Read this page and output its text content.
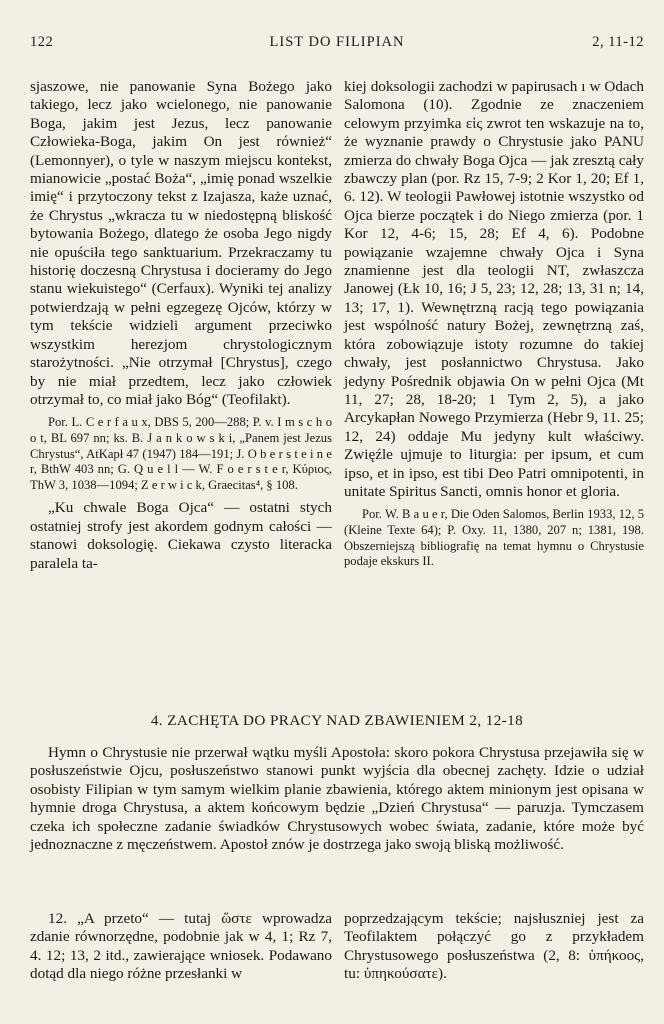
122	LIST DO FILIPIAN	2, 11-12

sjaszowe, nie panowanie Syna Bożego jako takiego, lecz jako wcielonego, nie panowanie Boga, jakim jest Jezus, lecz panowanie Człowieka-Boga, jakim On jest również“ (Lemonnyer), o tyle w naszym miejscu kontekst, mianowicie „postać Boża“, „imię ponad wszelkie imię“ i przytoczony tekst z Izajasza, każe uznać, że Chrystus „wkracza tu w niedostępną bliskość bytowania Bożego, dlatego że osoba Jego nigdy nie opuściła tego sanktuarium. Przekraczamy tu historię doczesną Chrystusa i docieramy do Jego stanu wiekuistego“ (Cerfaux). Wyniki tej analizy potwierdzają w pełni egzegezę Ojców, którzy w tym tekście widzieli argument przeciwko wszystkim herezjom chrystologicznym starożytności. „Nie otrzymał [Chrystus], czego by nie miał przedtem, lecz jako człowiek otrzymał to, co miał jako Bóg“ (Teofilakt).

Por. L. C e r f a u x, DBS 5, 200—288; P. v. I m s c h o o t, BL 697 nn; ks. B. J a n k o w s k i, „Panem jest Jezus Chrystus“, AtKapł 47 (1947) 184—191; J. O b e r s t e i n e r, BthW 403 nn; G. Q u e l l — W. F o e r s t e r, Κύριος, ThW 3, 1038—1094; Z e r w i c k, Graecitas⁴, § 108.

„Ku chwale Boga Ojca“ — ostatni stych ostatniej strofy jest akordem godnym całości — stanowi doksologię. Ciekawa czysto literacka paralela ta-

kiej doksologii zachodzi w papirusach ı w Odach Salomona (10). Zgodnie ze znaczeniem celowym przyimka εἰς zwrot ten wskazuje na to, że wyznanie prawdy o Chrystusie jako PANU zmierza do chwały Boga Ojca — jak zresztą cały zbawczy plan (por. Rz 15, 7-9; 2 Kor 1, 20; Ef 1, 6. 12). W teologii Pawłowej istotnie wszystko od Ojca bierze początek i do Niego zmierza (por. 1 Kor 12, 4-6; 15, 28; Ef 4, 6). Podobne powiązanie wzajemne chwały Ojca i Syna znamienne jest dla teologii NT, zwłaszcza Janowej (Łk 10, 16; J 5, 23; 12, 28; 13, 31 n; 14, 13; 17, 1). Wewnętrzną racją tego powiązania jest wspólność natury Bożej, zewnętrzną zaś, która zobowiązuje istoty rozumne do takiej chwały, jest posłannictwo Chrystusa. Jako jedyny Pośrednik objawia On w pełni Ojca (Mt 11, 27; 28, 18-20; 1 Tym 2, 5), a jako Arcykapłan Nowego Przymierza (Hebr 9, 11. 25; 12, 24) oddaje Mu jedyny kult właściwy. Zwięźle ujmuje to liturgia: per ipsum, et cum ipso, et in ipso, est tibi Deo Patri omnipotenti, in unitate Spiritus Sancti, omnis honor et gloria.

Por. W. B a u e r, Die Oden Salomos, Berlin 1933, 12, 5 (Kleine Texte 64); P. Oxy. 11, 1380, 207 n; 1381, 198. Obszerniejszą bibliografię na temat hymnu o Chrystusie podaje ekskurs II.

4. ZACHĘTA DO PRACY NAD ZBAWIENIEM 2, 12-18

Hymn o Chrystusie nie przerwał wątku myśli Apostoła: skoro pokora Chrystusa przejawiła się w posłuszeństwie Ojcu, posłuszeństwo stanowi punkt wyjścia dla obecnej zachęty. Idzie o udział osobisty Filipian w tym samym wielkim planie zbawienia, którego aktem minionym jest opisana w hymnie droga Chrystusa, a aktem końcowym będzie „Dzień Chrystusa“ — paruzja. Tymczasem czeka ich społeczne zadanie świadków Chrystusowych wobec świata, zadanie, które może być jednoznaczne z męczeństwem. Apostoł znów je dostrzega jako swoją bliską możliwość.

12. „A przeto“ — tutaj ὥστε wprowadza zdanie równorzędne, podobnie jak w 4, 1; Rz 7, 4. 12; 13, 2 itd., zawierające wniosek. Podawano dotąd dla niego różne przesłanki w

poprzedzającym tekście; najsłuszniej jest za Teofilaktem połączyć go z przykładem Chrystusowego posłuszeństwa (2, 8: ὑπήκοος, tu: ὑπηκούσατε).
